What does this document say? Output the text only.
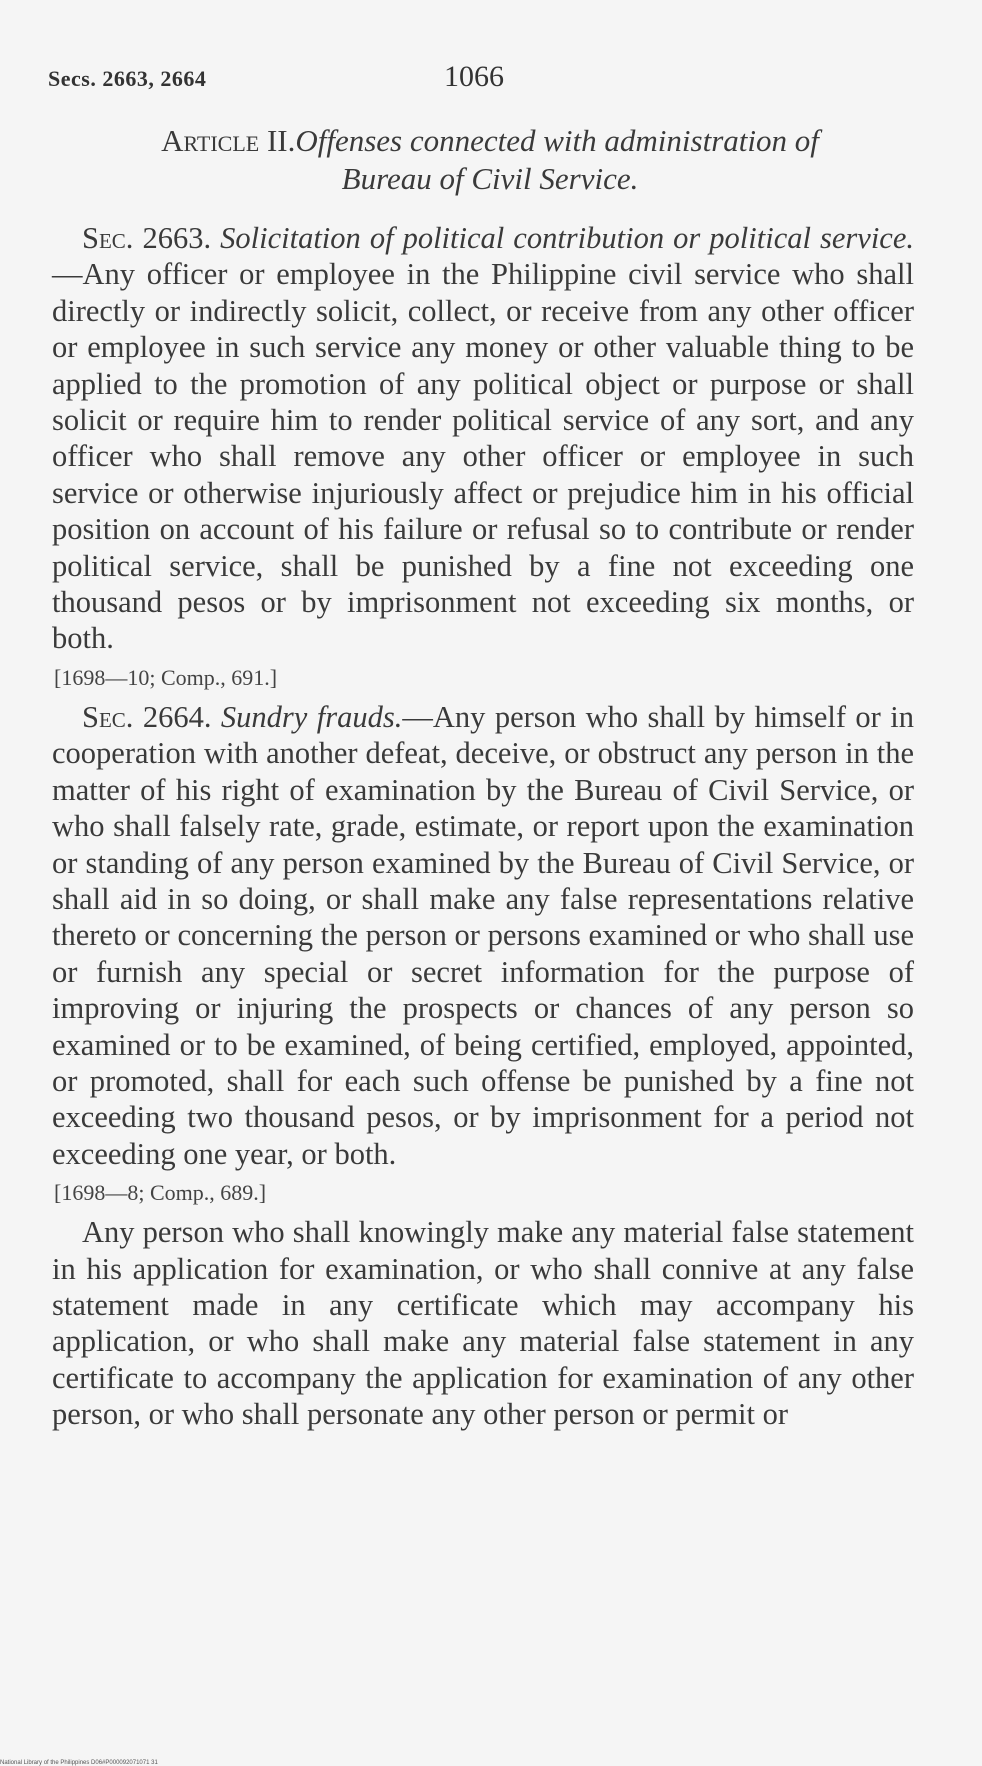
Secs. 2663, 2664	1066
Article II.Offenses connected with administration of
Bureau of Civil Service.

Sec. 2663. Solicitation of political contribution or political service.—Any officer or employee in the Philippine civil service who shall directly or indirectly solicit, collect, or receive from any other officer or employee in such service any money or other valuable thing to be applied to the promotion of any political object or purpose or shall solicit or require him to render political service of any sort, and any officer who shall remove any other officer or employee in such service or otherwise injuriously affect or prejudice him in his official position on account of his failure or refusal so to contribute or render political service, shall be punished by a fine not exceeding one thousand pesos or by imprisonment not exceeding six months, or both.

[1698—10; Comp., 691.]

Sec. 2664. Sundry frauds.—Any person who shall by himself or in cooperation with another defeat, deceive, or obstruct any person in the matter of his right of examination by the Bureau of Civil Service, or who shall falsely rate, grade, estimate, or report upon the examination or standing of any person examined by the Bureau of Civil Service, or shall aid in so doing, or shall make any false representations relative thereto or concerning the person or persons examined or who shall use or furnish any special or secret information for the purpose of improving or injuring the prospects or chances of any person so examined or to be examined, of being certified, employed, appointed, or promoted, shall for each such offense be punished by a fine not exceeding two thousand pesos, or by imprisonment for a period not exceeding one year, or both.

[1698—8; Comp., 689.]

Any person who shall knowingly make any material false statement in his application for examination, or who shall connive at any false statement made in any certificate which may accompany his application, or who shall make any material false statement in any certificate to accompany the application for examination of any other person, or who shall personate any other person or permit or

National Library of the Philippines D06#P000092071071 31
